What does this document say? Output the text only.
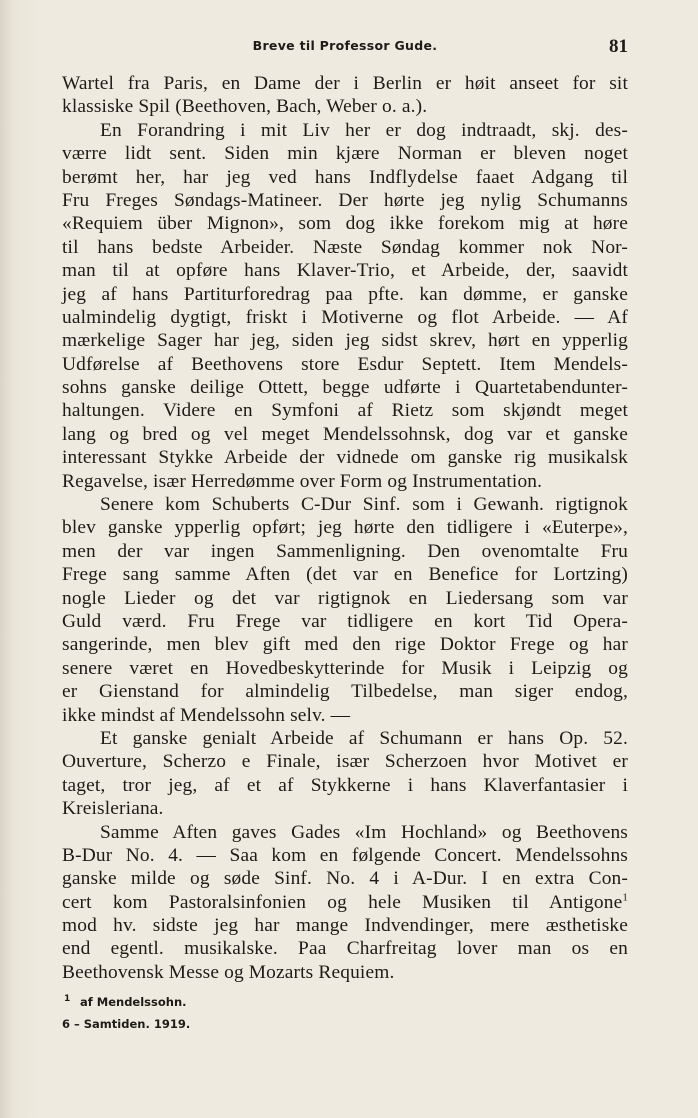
Breve til Professor Gude.	81
Wartel fra Paris, en Dame der i Berlin er høit anseet for sit
klassiske Spil (Beethoven, Bach, Weber o. a.).
En Forandring i mit Liv her er dog indtraadt, skj. des-
værre lidt sent. Siden min kjære Norman er bleven noget
berømt her, har jeg ved hans Indflydelse faaet Adgang til
Fru Freges Søndags-Matineer. Der hørte jeg nylig Schumanns
«Requiem über Mignon», som dog ikke forekom mig at høre
til hans bedste Arbeider. Næste Søndag kommer nok Nor-
man til at opføre hans Klaver-Trio, et Arbeide, der, saavidt
jeg af hans Partiturforedrag paa pfte. kan dømme, er ganske
ualmindelig dygtigt, friskt i Motiverne og flot Arbeide. — Af
mærkelige Sager har jeg, siden jeg sidst skrev, hørt en ypperlig
Udførelse af Beethovens store Esdur Septett. Item Mendels-
sohns ganske deilige Ottett, begge udførte i Quartetabendunter-
haltungen. Videre en Symfoni af Rietz som skjøndt meget
lang og bred og vel meget Mendelssohnsk, dog var et ganske
interessant Stykke Arbeide der vidnede om ganske rig musikalsk
Regavelse, især Herredømme over Form og Instrumentation.
Senere kom Schuberts C-Dur Sinf. som i Gewanh. rigtignok
blev ganske ypperlig opført; jeg hørte den tidligere i «Euterpe»,
men der var ingen Sammenligning. Den ovenomtalte Fru
Frege sang samme Aften (det var en Benefice for Lortzing)
nogle Lieder og det var rigtignok en Liedersang som var
Guld værd. Fru Frege var tidligere en kort Tid Opera-
sangerinde, men blev gift med den rige Doktor Frege og har
senere været en Hovedbeskytterinde for Musik i Leipzig og
er Gienstand for almindelig Tilbedelse, man siger endog,
ikke mindst af Mendelssohn selv. —
Et ganske genialt Arbeide af Schumann er hans Op. 52.
Ouverture, Scherzo e Finale, især Scherzoen hvor Motivet er
taget, tror jeg, af et af Stykkerne i hans Klaverfantasier i
Kreisleriana.
Samme Aften gaves Gades «Im Hochland» og Beethovens
B-Dur No. 4. — Saa kom en følgende Concert. Mendelssohns
ganske milde og søde Sinf. No. 4 i A-Dur. I en extra Con-
cert kom Pastoralsinfonien og hele Musiken til Antigone$^1$
mod hv. sidste jeg har mange Indvendinger, mere æsthetiske
end egentl. musikalske. Paa Charfreitag lover man os en
Beethovensk Messe og Mozarts Requiem.
1 af Mendelssohn.
6 – Samtiden. 1919.
